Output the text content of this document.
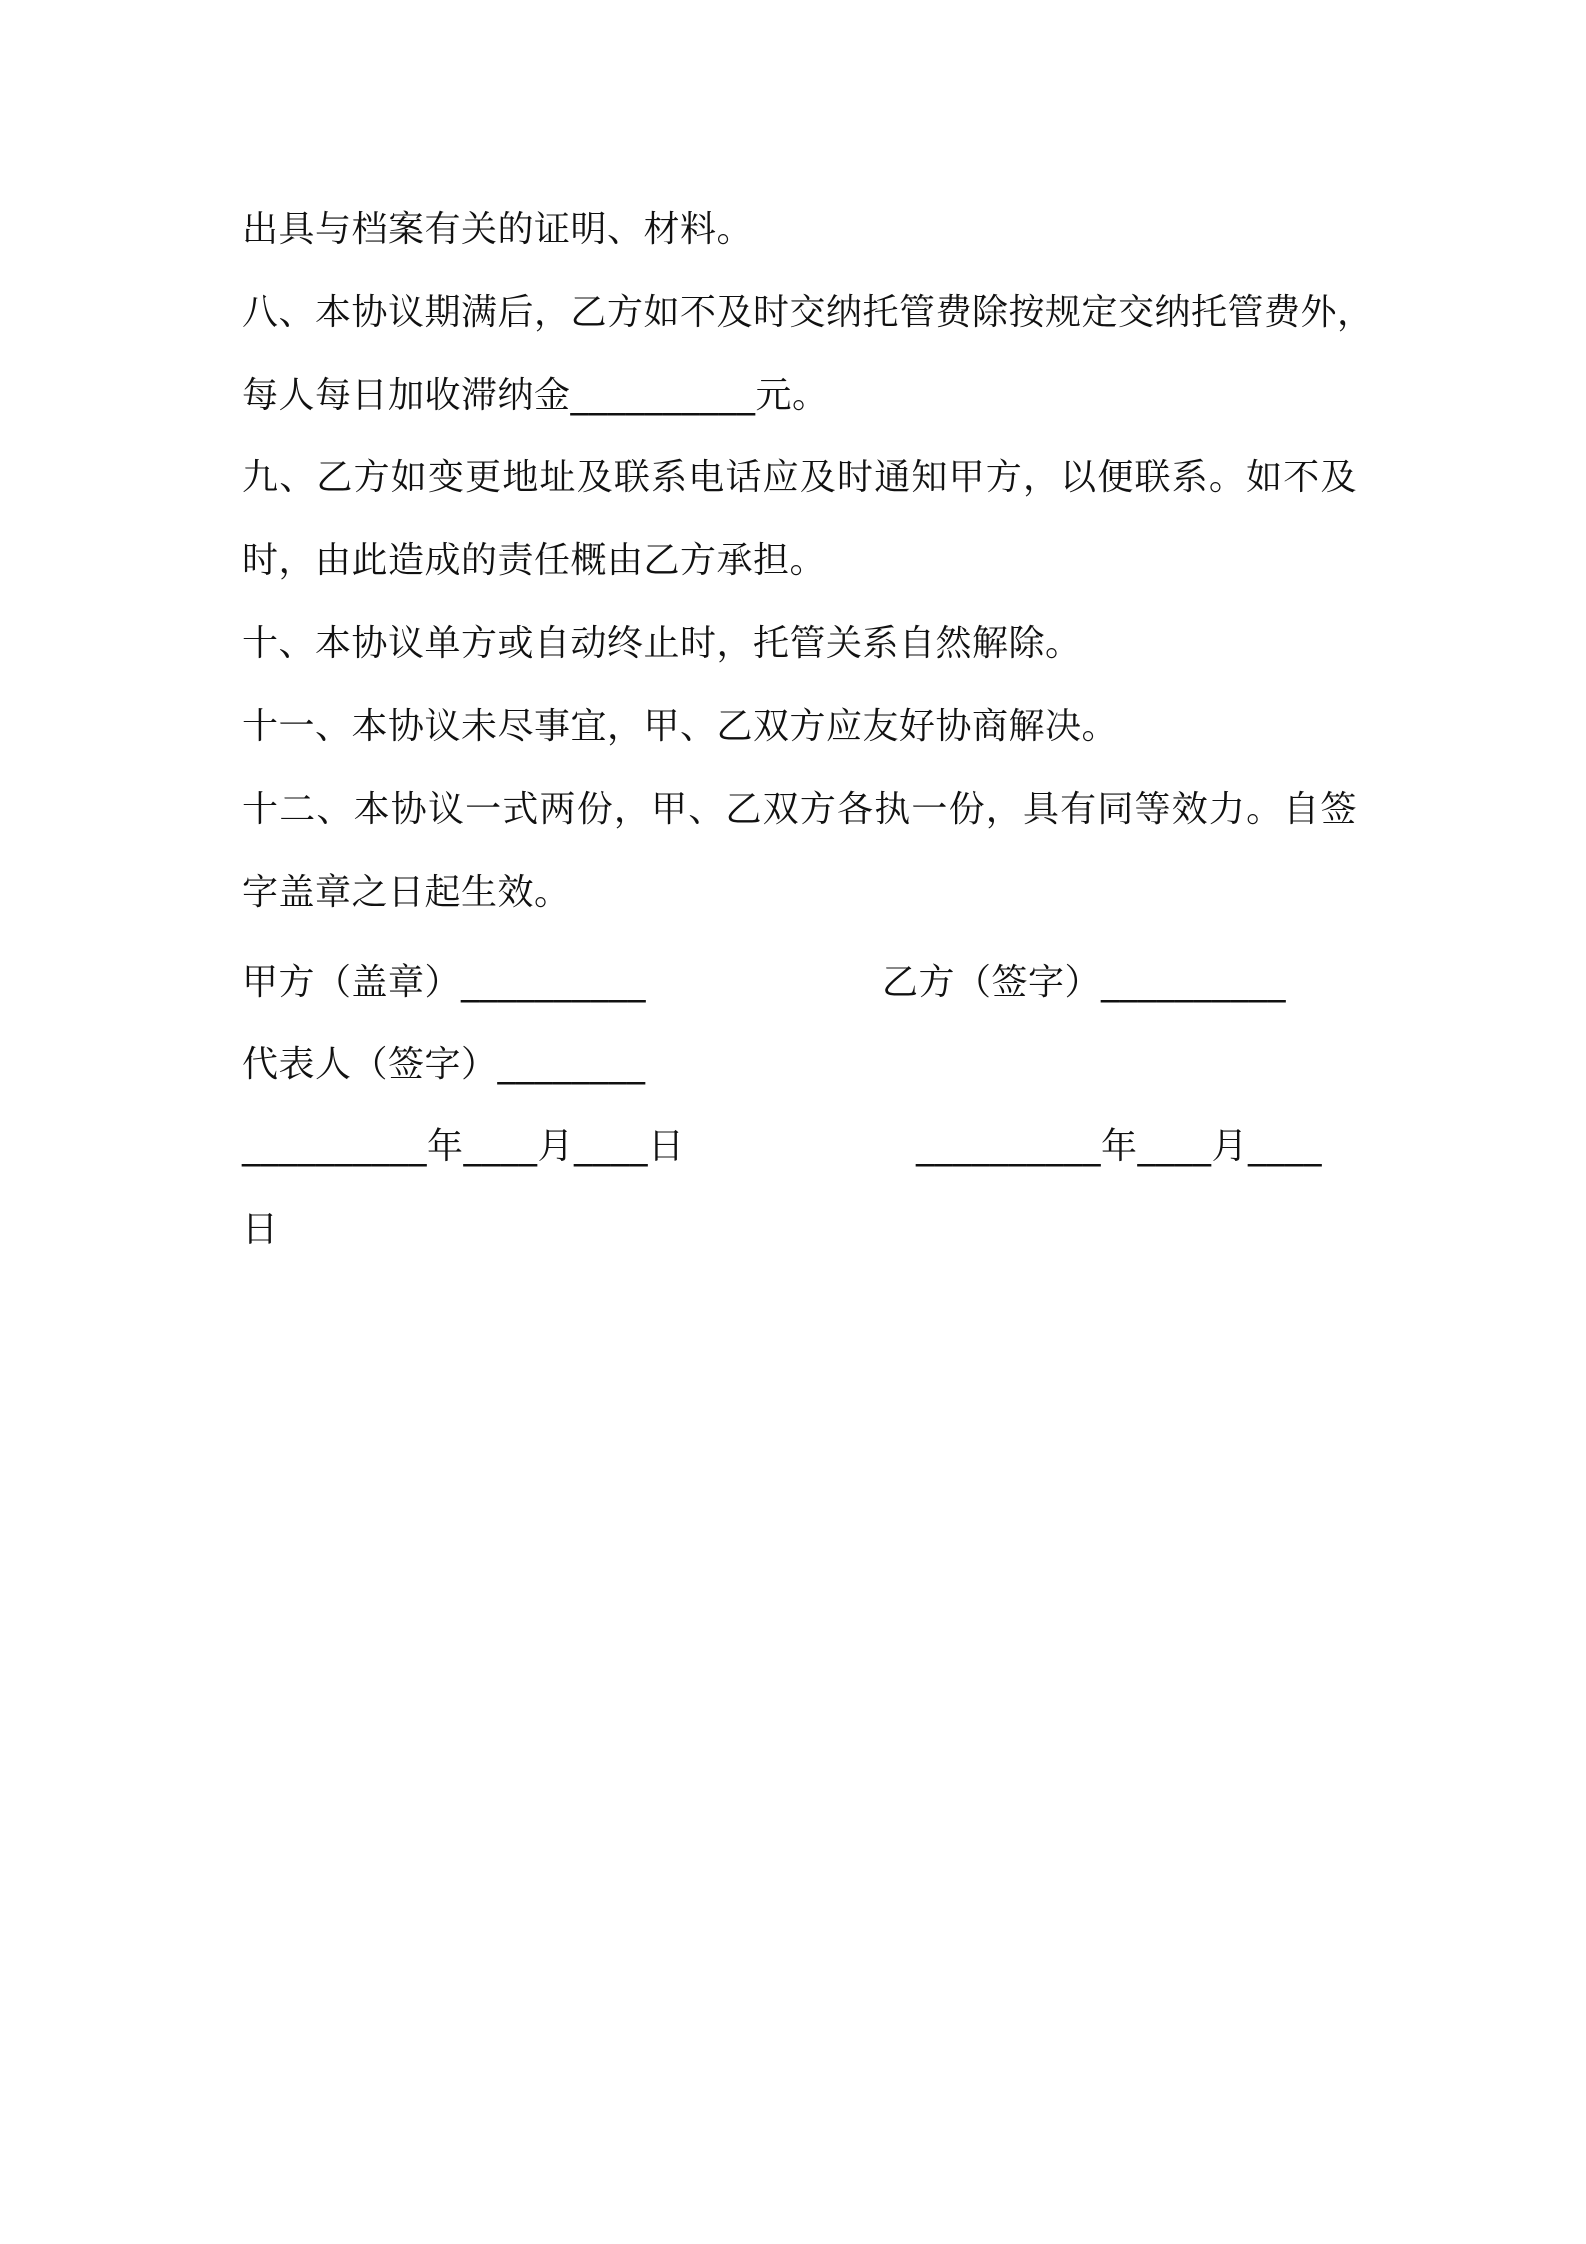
出具与档案有关的证明、材料。
八、本协议期满后，乙方如不及时交纳托管费除按规定交纳托管费外，
每人每日加收滞纳金__________元。
九、乙方如变更地址及联系电话应及时通知甲方，以便联系。如不及
时，由此造成的责任概由乙方承担。
十、本协议单方或自动终止时，托管关系自然解除。
十一、本协议未尽事宜，甲、乙双方应友好协商解决。
十二、本协议一式两份，甲、乙双方各执一份，具有同等效力。自签
字盖章之日起生效。
甲方（盖章）__________	乙方（签字）__________
代表人（签字）________
__________年____月____日	__________年____月____
日
